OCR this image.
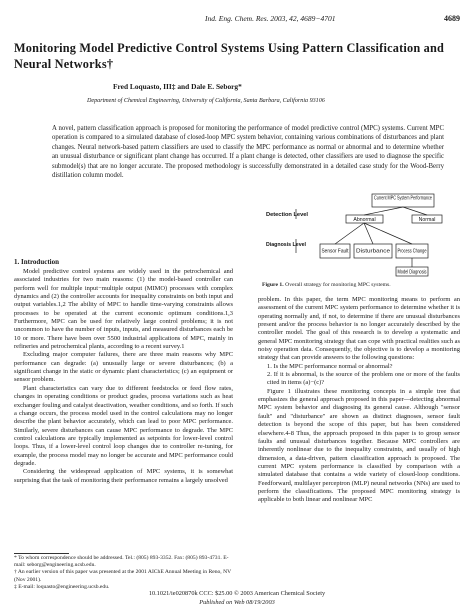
Ind. Eng. Chem. Res. 2003, 42, 4689−4701	4689
Monitoring Model Predictive Control Systems Using Pattern Classification and Neural Networks†
Fred Loquasto, III‡ and Dale E. Seborg*
Department of Chemical Engineering, University of California, Santa Barbara, California 93106
A novel, pattern classification approach is proposed for monitoring the performance of model predictive control (MPC) systems. Current MPC operation is compared to a simulated database of closed-loop MPC system behavior, containing various combinations of disturbances and plant changes. Neural network-based pattern classifiers are used to classify the MPC performance as normal or abnormal and to determine whether an unusual disturbance or significant plant change has occurred. If a plant change is detected, other classifiers are used to diagnose the specific submodel(s) that are no longer accurate. The proposed methodology is successfully demonstrated in a detailed case study for the Wood-Berry distillation column model.
1. Introduction

Model predictive control systems are widely used in the petrochemical and associated industries for two main reasons: (1) the model-based controller can perform well for multiple input−multiple output (MIMO) processes with complex dynamics and (2) the controller accounts for inequality constraints on both input and output variables.1,2 The ability of MPC to handle time-varying constraints allows processes to be operated at the current economic optimum conditions.1,3 Furthermore, MPC can be used for relatively large control problems; it is not uncommon to have the number of inputs, inputs, and measured disturbances each be 10 or more. There have been over 5500 industrial applications of MPC, mainly in refineries and petrochemical plants, according to a recent survey.1

Excluding major computer failures, there are three main reasons why MPC performance can degrade: (a) unusually large or severe disturbances; (b) a significant change in the static or dynamic plant characteristics; (c) an equipment or sensor problem.

Plant characteristics can vary due to different feedstocks or feed flow rates, changes in operating conditions or product grades, process variations such as heat exchanger fouling and catalyst deactivation, weather conditions, and so forth. If such a change occurs, the process model used in the control calculations may no longer describe the plant behavior accurately, which can lead to poor MPC performance. Similarly, severe disturbances can cause MPC performance to degrade. The MPC control calculations are typically implemented as setpoints for lower-level control loops. Thus, if a lower-level control loop changes due to controller re-tuning, for example, the process model may no longer be accurate and MPC performance could degrade.

Considering the widespread application of MPC systems, it is somewhat surprising that the task of monitoring their performance remains a largely unsolved

* To whom correspondence should be addressed. Tel.: (805) 893-3352. Fax: (805) 893-4731. E-mail: seborg@engineering.ucsb.edu.
† An earlier version of this paper was presented at the 2001 AIChE Annual Meeting in Reno, NV (Nov 2001).
‡ E-mail: loquasto@engineering.ucsb.edu.
Current MPC System Performance
Abnormal	Normal
Sensor Fault Disturbance Process Change
Model Diagnosis
Detection Level
Diagnosis Level
Figure 1. Overall strategy for monitoring MPC systems.

problem. In this paper, the term MPC monitoring means to perform an assessment of the current MPC system performance to determine whether it is operating normally and, if not, to determine if there are unusual disturbances present and/or the process behavior is no longer accurately described by the controller model. The goal of this research is to develop a systematic and general MPC monitoring strategy that can cope with practical realities such as noisy operation data. Consequently, the objective is to develop a monitoring strategy that can provide answers to the following questions:

1. Is the MPC performance normal or abnormal?

2. If it is abnormal, is the source of the problem one or more of the faults cited in items (a)−(c)?

Figure 1 illustrates these monitoring concepts in a simple tree that emphasizes the general approach proposed in this paper—detecting abnormal MPC system behavior and diagnosing its general cause. Although "sensor fault" and "disturbance" are shown as distinct diagnoses, sensor fault detection is beyond the scope of this paper, but has been considered elsewhere.4-8 Thus, the approach proposed in this paper is to group sensor faults and unusual disturbances together. Because MPC controllers are inherently nonlinear due to the inequality constraints, and usually of high dimension, a data-driven, pattern classification approach is proposed. The current MPC system performance is classified by comparison with a simulated database that contains a wide variety of closed-loop conditions. Feedforward, multilayer perceptron (MLP) neural networks (NNs) are used to perform the classifications. The proposed MPC monitoring strategy is applicable to both linear and nonlinear MPC

10.1021/ie020870k CCC: $25.00 © 2003 American Chemical Society
Published on Web 08/19/2003
